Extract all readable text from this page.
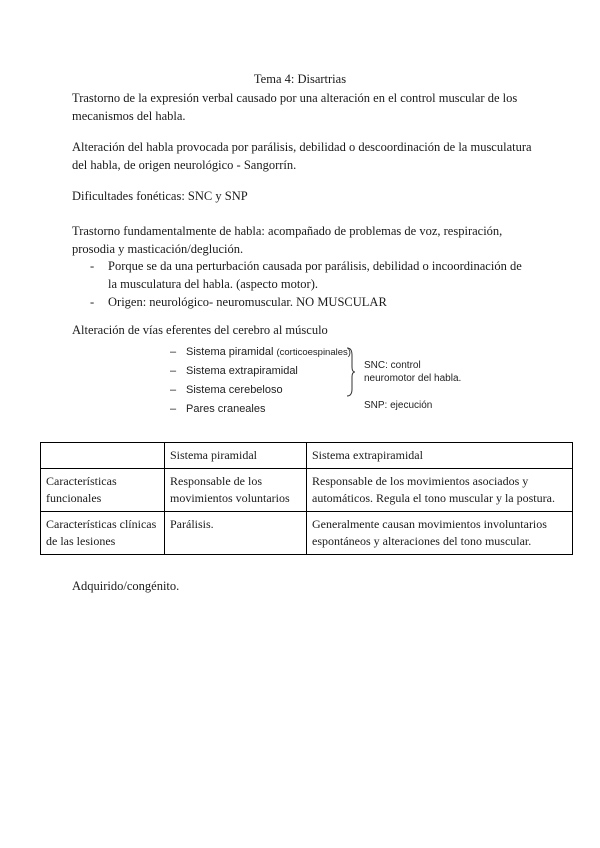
Tema 4: Disartrias

Trastorno de la expresión verbal causado por una alteración en el control muscular de los mecanismos del habla.

Alteración del habla provocada por parálisis, debilidad o descoordinación de la musculatura del habla, de origen neurológico - Sangorrín.

Dificultades fonéticas: SNC y SNP

Trastorno fundamentalmente de habla: acompañado de problemas de voz, respiración, prosodia y masticación/deglución.

- Porque se da una perturbación causada por parálisis, debilidad o incoordinación de la musculatura del habla. (aspecto motor).
- Origen: neurológico- neuromuscular. NO MUSCULAR

Alteración de vías eferentes del cerebro al músculo

– Sistema piramidal (corticoespinales)
– Sistema extrapiramidal
– Sistema cerebeloso
– Pares craneales
SNC: control
neuromotor del habla.
SNP: ejecución
	Sistema piramidal	Sistema extrapiramidal
Características funcionales	Responsable de los movimientos voluntarios	Responsable de los movimientos asociados y automáticos. Regula el tono muscular y la postura.
Características clínicas de las lesiones	Parálisis.	Generalmente causan movimientos involuntarios espontáneos y alteraciones del tono muscular.

Adquirido/congénito.
